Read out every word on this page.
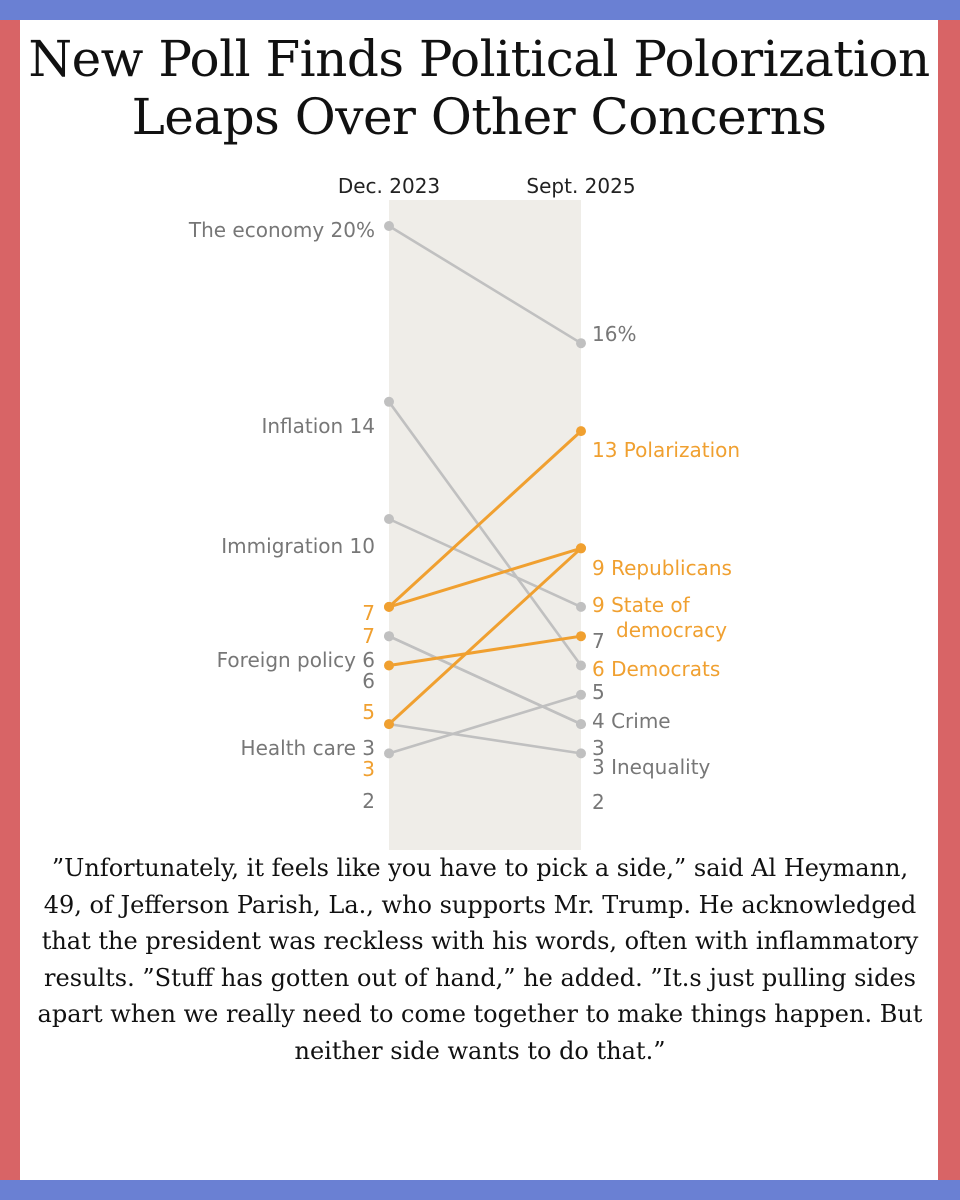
New Poll Finds Political Polorization
Leaps Over Other Concerns
Dec. 2023	Sept. 2025
The economy 20%
16%
Inflation 14
5
Immigration 10
7
Foreign policy 6
3
6
3 Inequality
Health care 3
2
2
4 Crime
7
13 Polarization
7
9 Republicans
5
6 Democrats
3
9 State of democracy

”Unfortunately, it feels like you have to pick a side,” said Al Heymann, 49, of Jefferson Parish, La., who supports Mr. Trump. He acknowledged that the president was reckless with his words, often with inflammatory results. ”Stuff has gotten out of hand,” he added. ”It.s just pulling sides apart when we really need to come together to make things happen. But neither side wants to do that.”
